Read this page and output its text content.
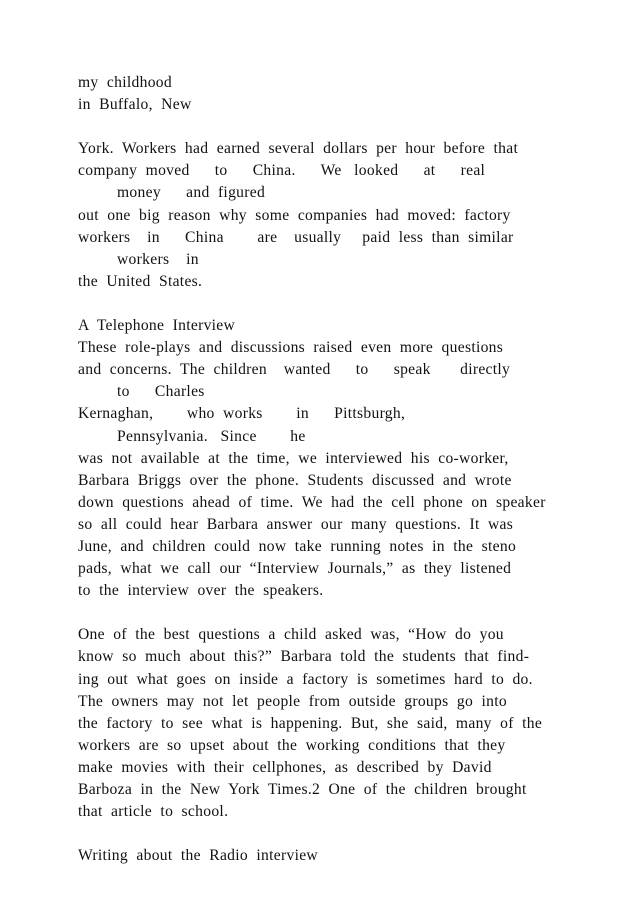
my  childhood
in  Buffalo,  New
York.  Workers  had  earned  several  dollars  per  hour  before  that
company  moved      to      China.      We   looked      at      real
money      and  figured
out  one  big  reason  why  some  companies  had  moved:  factory
workers    in      China        are    usually     paid  less  than  similar
workers    in
the  United  States.
A  Telephone  Interview
These  role-plays  and  discussions  raised  even  more  questions
and  concerns.  The  children    wanted      to      speak       directly
to      Charles
Kernaghan,        who  works        in      Pittsburgh,
Pennsylvania.   Since        he
was  not  available  at  the  time,  we  interviewed  his  co-worker,
Barbara  Briggs  over  the  phone.  Students  discussed  and  wrote
down  questions  ahead  of  time.  We  had  the  cell  phone  on  speaker
so  all  could  hear  Barbara  answer  our  many  questions.  It  was
June,  and  children  could  now  take  running  notes  in  the  steno
pads,  what  we  call  our  “Interview  Journals,”  as  they  listened
to  the  interview  over  the  speakers.
One  of  the  best  questions  a  child  asked  was,  “How  do  you
know  so  much  about  this?”  Barbara  told  the  students  that  find-
ing  out  what  goes  on  inside  a  factory  is  sometimes  hard  to  do.
The  owners  may  not  let  people  from  outside  groups  go  into
the  factory  to  see  what  is  happening.  But,  she  said,  many  of  the
workers  are  so  upset  about  the  working  conditions  that  they
make  movies  with  their  cellphones,  as  described  by  David
Barboza  in  the  New  York  Times.2  One  of  the  children  brought
that  article  to  school.
Writing  about  the  Radio  interview
